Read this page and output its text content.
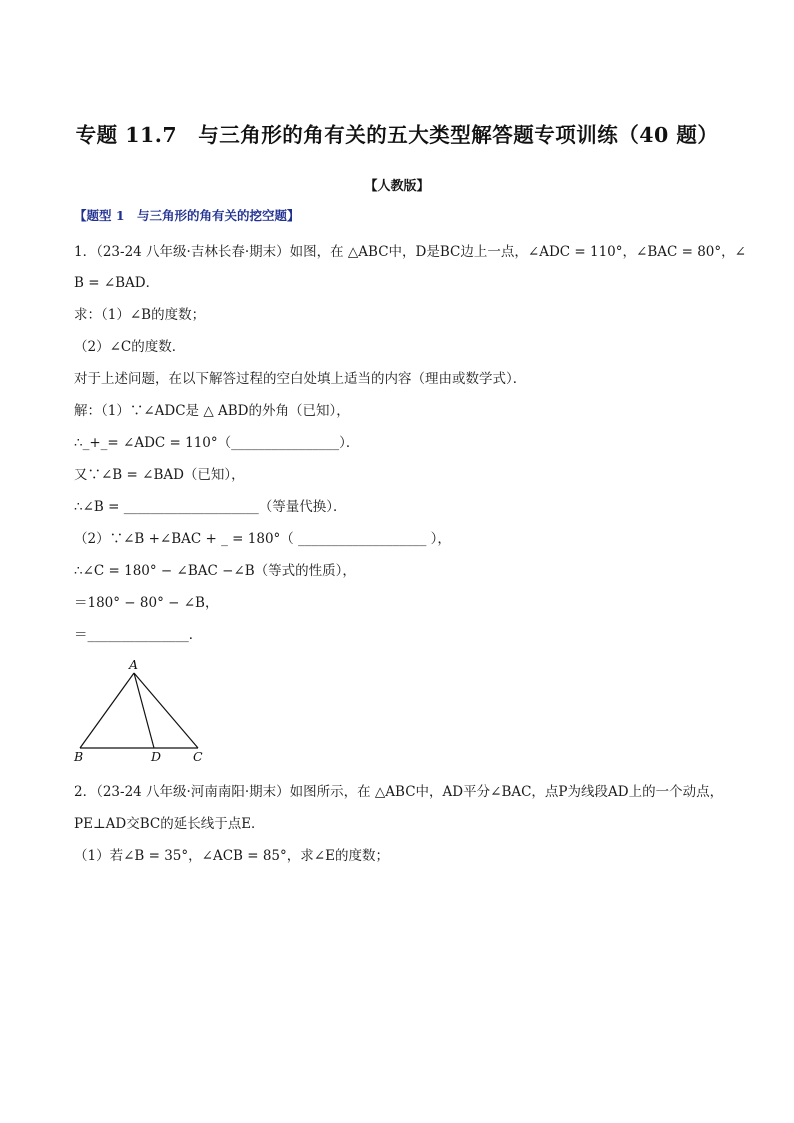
专题 11.7　与三角形的角有关的五大类型解答题专项训练（40 题）
【人教版】
【题型 1　与三角形的角有关的挖空题】
1．（23-24 八年级·吉林长春·期末）如图，在 △ABC中，D是BC边上一点，∠ADC = 110°，∠BAC = 80°，∠
B = ∠BAD．
求：（1）∠B的度数；
（2）∠C的度数．
对于上述问题，在以下解答过程的空白处填上适当的内容（理由或数学式）．
解：（1）∵∠ADC是 △ ABD的外角（已知），
∴_+_= ∠ADC = 110°（________________）．
又∵∠B = ∠BAD（已知），
∴∠B = ____________________（等量代换）．
（2）∵∠B +∠BAC + _ = 180°（ ___________________ ），
∴∠C = 180° − ∠BAC −∠B（等式的性质），
＝180° − 80° − ∠B，
＝_______________．
A
B	D	C
2．（23-24 八年级·河南南阳·期末）如图所示，在 △ABC中，AD平分∠BAC，点P为线段AD上的一个动点，
PE⊥AD交BC的延长线于点E．
（1）若∠B = 35°，∠ACB = 85°，求∠E的度数；
